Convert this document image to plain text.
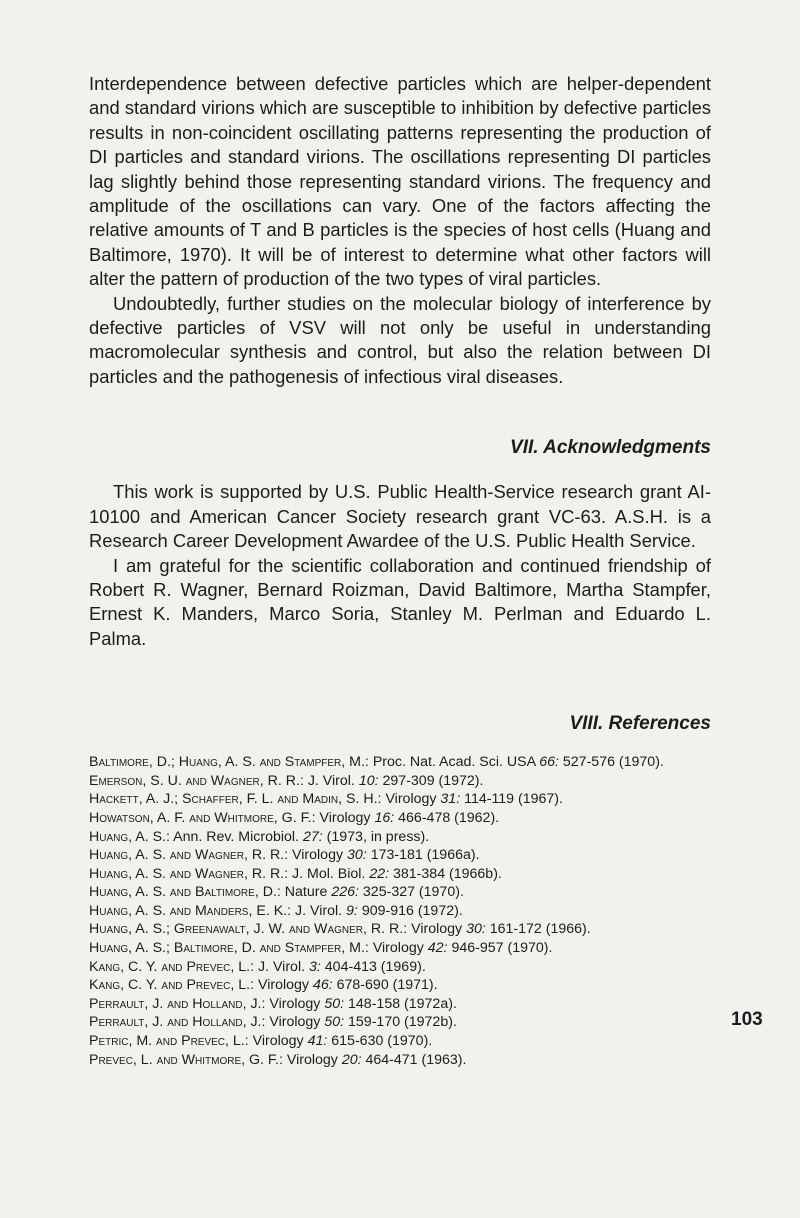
Interdependence between defective particles which are helper-dependent and standard virions which are susceptible to inhibition by defective particles results in non-coincident oscillating patterns representing the production of DI particles and standard virions. The oscillations representing DI particles lag slightly behind those representing standard virions. The frequency and amplitude of the oscillations can vary. One of the factors affecting the relative amounts of T and B particles is the species of host cells (Huang and Baltimore, 1970). It will be of interest to determine what other factors will alter the pattern of production of the two types of viral particles.

Undoubtedly, further studies on the molecular biology of interference by defective particles of VSV will not only be useful in understanding macromolecular synthesis and control, but also the relation between DI particles and the pathogenesis of infectious viral diseases.

VII. Acknowledgments

This work is supported by U.S. Public Health-Service research grant AI-10100 and American Cancer Society research grant VC-63. A.S.H. is a Research Career Development Awardee of the U.S. Public Health Service.

I am grateful for the scientific collaboration and continued friendship of Robert R. Wagner, Bernard Roizman, David Baltimore, Martha Stampfer, Ernest K. Manders, Marco Soria, Stanley M. Perlman and Eduardo L. Palma.

VIII. References
Baltimore, D.; Huang, A. S. and Stampfer, M.: Proc. Nat. Acad. Sci. USA 66: 527-576 (1970).
Emerson, S. U. and Wagner, R. R.: J. Virol. 10: 297-309 (1972).
Hackett, A. J.; Schaffer, F. L. and Madin, S. H.: Virology 31: 114-119 (1967).
Howatson, A. F. and Whitmore, G. F.: Virology 16: 466-478 (1962).
Huang, A. S.: Ann. Rev. Microbiol. 27: (1973, in press).
Huang, A. S. and Wagner, R. R.: Virology 30: 173-181 (1966a).
Huang, A. S. and Wagner, R. R.: J. Mol. Biol. 22: 381-384 (1966b).
Huang, A. S. and Baltimore, D.: Nature 226: 325-327 (1970).
Huang, A. S. and Manders, E. K.: J. Virol. 9: 909-916 (1972).
Huang, A. S.; Greenawalt, J. W. and Wagner, R. R.: Virology 30: 161-172 (1966).
Huang, A. S.; Baltimore, D. and Stampfer, M.: Virology 42: 946-957 (1970).
Kang, C. Y. and Prevec, L.: J. Virol. 3: 404-413 (1969).
Kang, C. Y. and Prevec, L.: Virology 46: 678-690 (1971).
Perrault, J. and Holland, J.: Virology 50: 148-158 (1972a).
Perrault, J. and Holland, J.: Virology 50: 159-170 (1972b).
Petric, M. and Prevec, L.: Virology 41: 615-630 (1970).
Prevec, L. and Whitmore, G. F.: Virology 20: 464-471 (1963).
103
